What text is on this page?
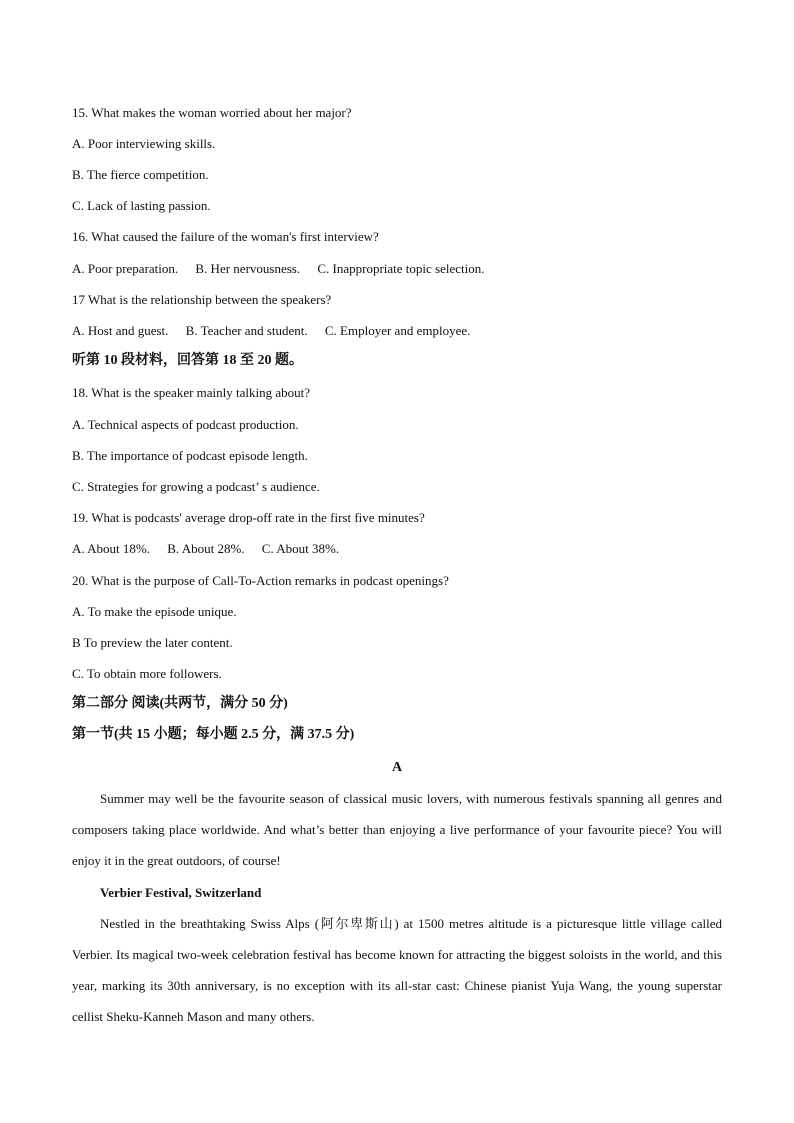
15. What makes the woman worried about her major?
A. Poor interviewing skills.
B. The fierce competition.
C. Lack of lasting passion.
16. What caused the failure of the woman's first interview?
A. Poor preparation. B. Her nervousness. C. Inappropriate topic selection.
17 What is the relationship between the speakers?
A. Host and guest. B. Teacher and student. C. Employer and employee.
听第 10 段材料，回答第 18 至 20 题。
18. What is the speaker mainly talking about?
A. Technical aspects of podcast production.
B. The importance of podcast episode length.
C. Strategies for growing a podcast’ s audience.
19. What is podcasts' average drop-off rate in the first five minutes?
A. About 18%. B. About 28%. C. About 38%.
20. What is the purpose of Call-To-Action remarks in podcast openings?
A. To make the episode unique.
B To preview the later content.
C. To obtain more followers.
第二部分 阅读(共两节，满分 50 分)
第一节(共 15 小题；每小题 2.5 分，满 37.5 分)
A
Summer may well be the favourite season of classical music lovers, with numerous festivals spanning all genres and composers taking place worldwide. And what’s better than enjoying a live performance of your favourite piece? You will enjoy it in the great outdoors, of course!
Verbier Festival, Switzerland
Nestled in the breathtaking Swiss Alps (阿尔卑斯山) at 1500 metres altitude is a picturesque little village called Verbier. Its magical two-week celebration festival has become known for attracting the biggest soloists in the world, and this year, marking its 30th anniversary, is no exception with its all-star cast: Chinese pianist Yuja Wang, the young superstar cellist Sheku-Kanneh Mason and many others.
